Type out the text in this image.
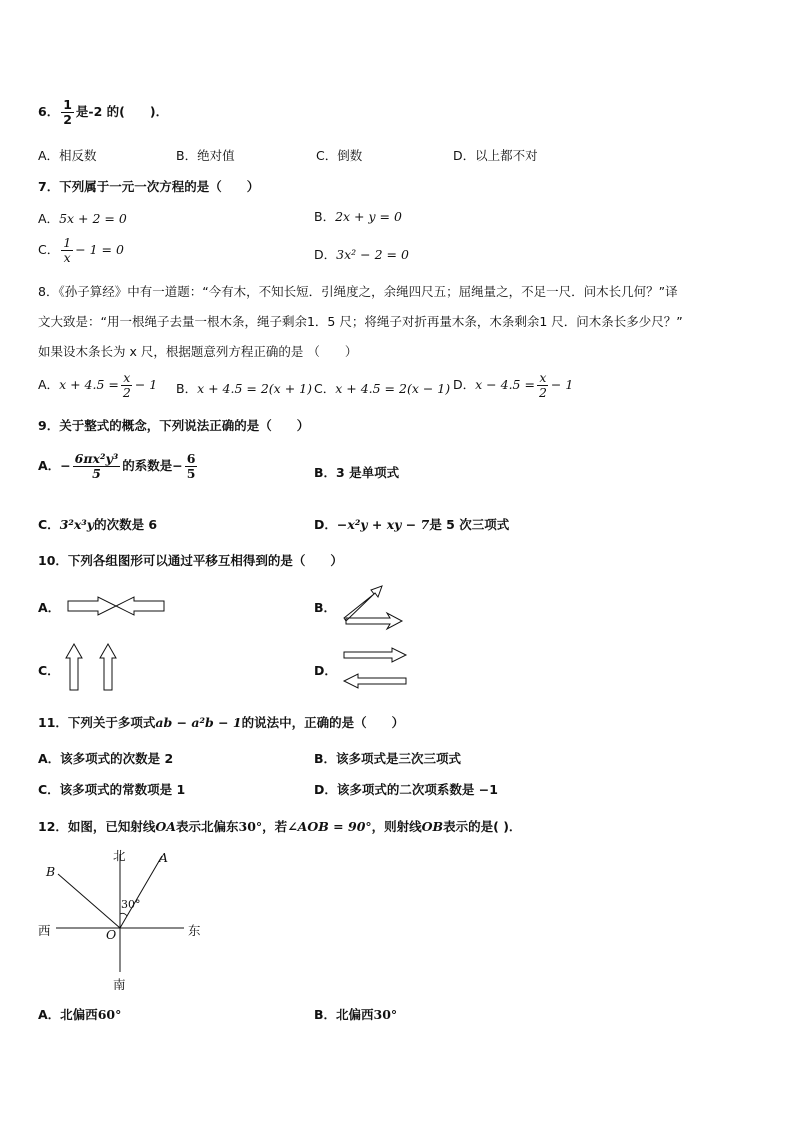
6． $\frac{1}{2}$ 是-2 的(　　)．
A．相反数	B．绝对值	C．倒数	D．以上都不对
7．下列属于一元一次方程的是（　　）
A．5x + 2 = 0	B．2x + y = 0
C． $\frac{1}{x} - 1 = 0$	D．3x² − 2 = 0
8．《孙子算经》中有一道题：“今有木，不知长短．引绳度之，余绳四尺五；屈绳量之，不足一尺．问木长几何？”译
文大致是：“用一根绳子去量一根木条，绳子剩余1．5 尺；将绳子对折再量木条，木条剩余1 尺．问木条长多少尺？”
如果设木条长为 x 尺，根据题意列方程正确的是 （　　）
A．$x + 4.5 = \frac{x}{2} - 1$ B．x + 4.5 = 2(x + 1) C．x + 4.5 = 2(x − 1) D．$x - 4.5 = \frac{x}{2} - 1$
9．关于整式的概念，下列说法正确的是（　　）
A．− $\frac{\text{6πx²y³}}{5}$ 的系数是− $\frac{6}{5}$	B．3 是单项式
C．3²x³y的次数是 6	D．−x²y + xy − 7是 5 次三项式
10．下列各组图形可以通过平移互相得到的是（　　）
A．	B．
C．	D．
11．下列关于多项式ab − a²b − 1的说法中，正确的是（　　）
A．该多项式的次数是 2	B．该多项式是三次三项式
C．该多项式的常数项是 1	D．该多项式的二次项系数是 −1
12．如图，已知射线OA表示北偏东30°，若∠AOB = 90°，则射线OB表示的是( )．
北
南
东
西
A
B
O
30°
A．北偏西60°	B．北偏西30°
